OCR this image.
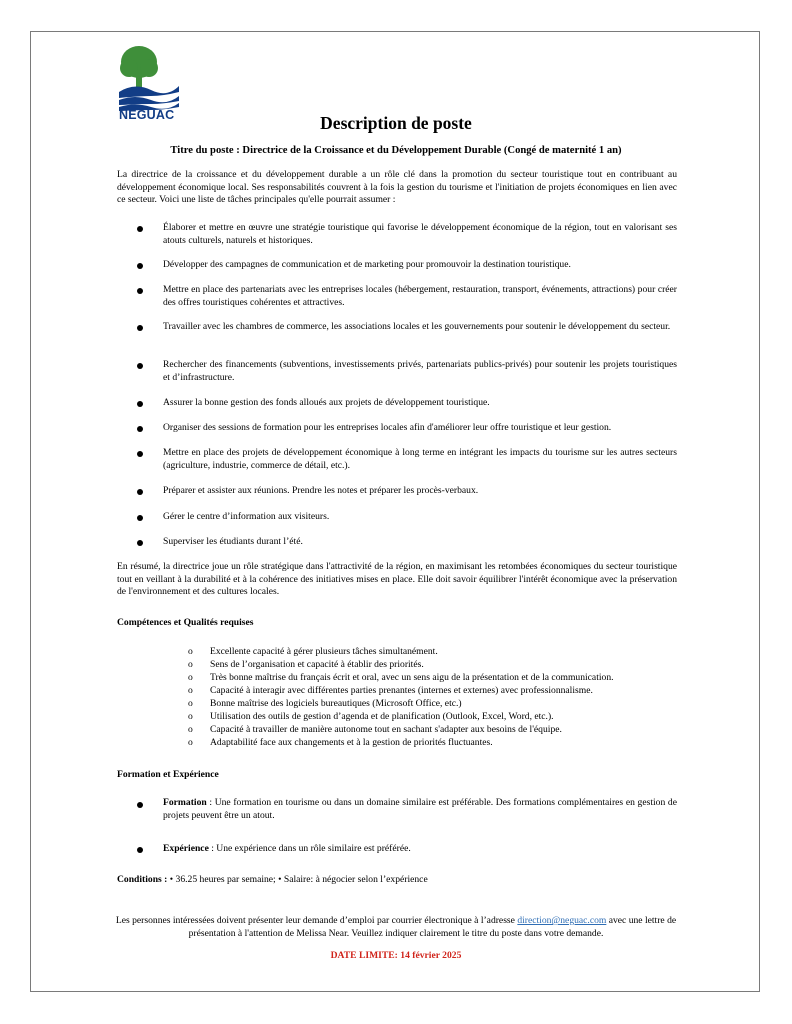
NEGUAC	Description de poste
Titre du poste : Directrice de la Croissance et du Développement Durable (Congé de maternité 1 an)

La directrice de la croissance et du développement durable a un rôle clé dans la promotion du secteur touristique tout en contribuant au développement économique local. Ses responsabilités couvrent à la fois la gestion du tourisme et l'initiation de projets économiques en lien avec ce secteur. Voici une liste de tâches principales qu'elle pourrait assumer :

Élaborer et mettre en œuvre une stratégie touristique qui favorise le développement économique de la région, tout en valorisant ses atouts culturels, naturels et historiques.

Développer des campagnes de communication et de marketing pour promouvoir la destination touristique.

Mettre en place des partenariats avec les entreprises locales (hébergement, restauration, transport, événements, attractions) pour créer des offres touristiques cohérentes et attractives.

Travailler avec les chambres de commerce, les associations locales et les gouvernements pour soutenir le développement du secteur.

Rechercher des financements (subventions, investissements privés, partenariats publics-privés) pour soutenir les projets touristiques et d’infrastructure.

Assurer la bonne gestion des fonds alloués aux projets de développement touristique.

Organiser des sessions de formation pour les entreprises locales afin d'améliorer leur offre touristique et leur gestion.

Mettre en place des projets de développement économique à long terme en intégrant les impacts du tourisme sur les autres secteurs (agriculture, industrie, commerce de détail, etc.).

Préparer et assister aux réunions. Prendre les notes et préparer les procès-verbaux.

Gérer le centre d’information aux visiteurs.

Superviser les étudiants durant l’été.

En résumé, la directrice joue un rôle stratégique dans l'attractivité de la région, en maximisant les retombées économiques du secteur touristique tout en veillant à la durabilité et à la cohérence des initiatives mises en place. Elle doit savoir équilibrer l'intérêt économique avec la préservation de l'environnement et des cultures locales.

Compétences et Qualités requises

o Excellente capacité à gérer plusieurs tâches simultanément.
o Sens de l’organisation et capacité à établir des priorités.
o Très bonne maîtrise du français écrit et oral, avec un sens aigu de la présentation et de la communication.
o Capacité à interagir avec différentes parties prenantes (internes et externes) avec professionnalisme.
o Bonne maîtrise des logiciels bureautiques (Microsoft Office, etc.)
o Utilisation des outils de gestion d’agenda et de planification (Outlook, Excel, Word, etc.).
o Capacité à travailler de manière autonome tout en sachant s'adapter aux besoins de l'équipe.
o Adaptabilité face aux changements et à la gestion de priorités fluctuantes.

Formation et Expérience

Formation : Une formation en tourisme ou dans un domaine similaire est préférable. Des formations complémentaires en gestion de projets peuvent être un atout.

Expérience : Une expérience dans un rôle similaire est préférée.

Conditions : • 36.25 heures par semaine; • Salaire: à négocier selon l’expérience

Les personnes intéressées doivent présenter leur demande d’emploi par courrier électronique à l’adresse direction@neguac.com avec une lettre de présentation à l'attention de Melissa Near. Veuillez indiquer clairement le titre du poste dans votre demande.

DATE LIMITE: 14 février 2025
